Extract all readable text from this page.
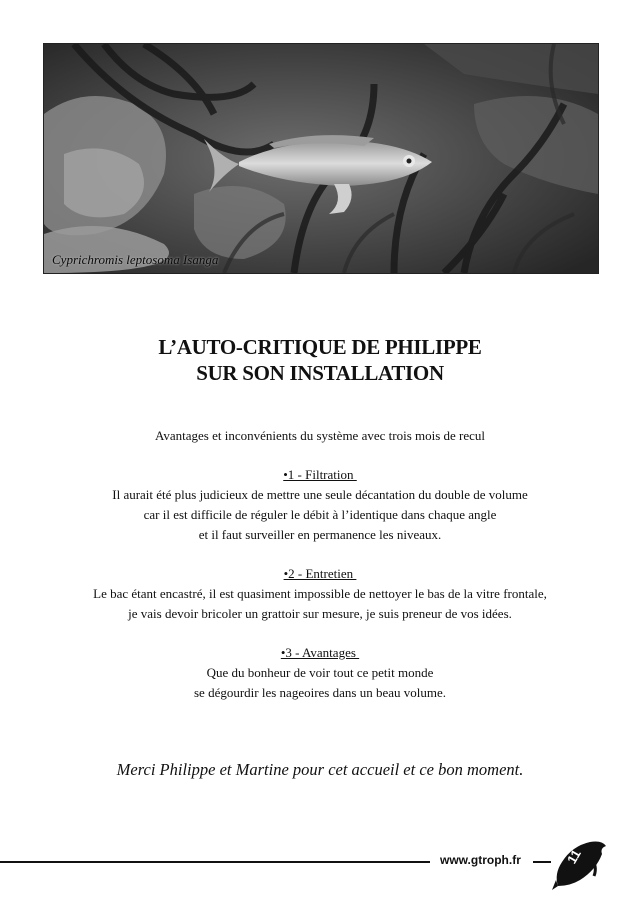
Cyprichromis leptosoma Isanga
L’AUTO-CRITIQUE DE PHILIPPE
SUR SON INSTALLATION
Avantages et inconvénients du système avec trois mois de recul
•1 - Filtration
Il aurait été plus judicieux de mettre une seule décantation du double de volume
car il est difficile de réguler le débit à l’identique dans chaque angle
et il faut surveiller en permanence les niveaux.
•2 - Entretien
Le bac étant encastré, il est quasiment impossible de nettoyer le bas de la vitre frontale,
je vais devoir bricoler un grattoir sur mesure, je suis preneur de vos idées.
•3 - Avantages
Que du bonheur de voir tout ce petit monde
se dégourdir les nageoires dans un beau volume.
Merci Philippe et Martine pour cet accueil et ce bon moment.
www.gtroph.fr	11
